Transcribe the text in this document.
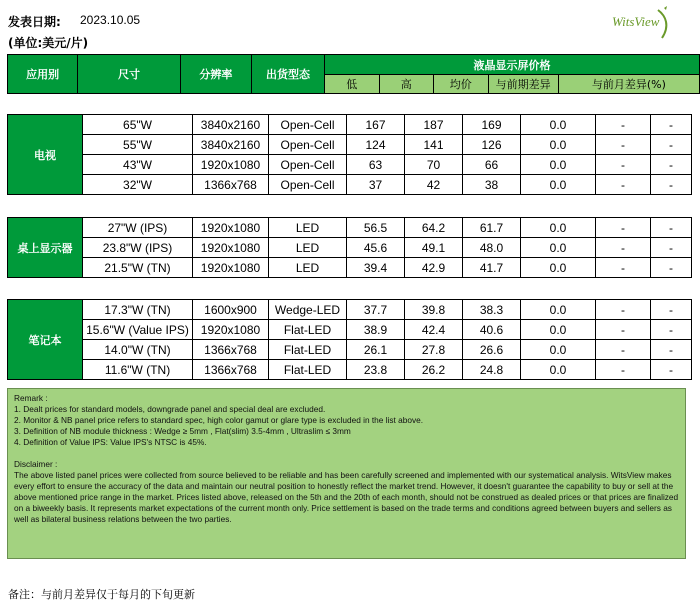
发表日期: 2023.10.05
(单位:美元/片)
WitsView
应用别	尺寸	分辨率	出货型态	液晶显示屏价格				
				低	高	均价	与前期差异	与前月差异(%)
电视	65"W	3840x2160	Open-Cell	167	187	169	0.0	-	-
	55"W	3840x2160	Open-Cell	124	141	126	0.0	-	-
	43"W	1920x1080	Open-Cell	63	70	66	0.0	-	-
	32"W	1366x768	Open-Cell	37	42	38	0.0	-	-
桌上显示器	27"W (IPS)	1920x1080	LED	56.5	64.2	61.7	0.0	-	-
	23.8"W (IPS)	1920x1080	LED	45.6	49.1	48.0	0.0	-	-
	21.5"W (TN)	1920x1080	LED	39.4	42.9	41.7	0.0	-	-
笔记本	17.3"W (TN)	1600x900	Wedge-LED	37.7	39.8	38.3	0.0	-	-
	15.6"W (Value IPS)	1920x1080	Flat-LED	38.9	42.4	40.6	0.0	-	-
	14.0"W (TN)	1366x768	Flat-LED	26.1	27.8	26.6	0.0	-	-
	11.6"W (TN)	1366x768	Flat-LED	23.8	26.2	24.8	0.0	-	-
Remark :
1. Dealt prices for standard models, downgrade panel and special deal are excluded.
2. Monitor & NB panel price refers to standard spec, high color gamut or glare type is excluded in the list above.
3. Definition of NB module thickness : Wedge ≥ 5mm , Flat(slim) 3.5-4mm , Ultraslim ≤ 3mm
4. Definition of Value IPS: Value IPS's NTSC is 45%.
Disclaimer :
The above listed panel prices were collected from source believed to be reliable and has been carefully screened and implemented with our systematical analysis. WitsView makes every effort to ensure the accuracy of the data and maintain our neutral position to honestly reflect the market trend. However, it doesn't guarantee the capability to buy or sell at the above mentioned price range in the market. Prices listed above, released on the 5th and the 20th of each month, should not be construed as dealed prices or that prices are finalized on a biweekly basis. It represents market expectations of the current month only. Price settlement is based on the trade terms and conditions agreed between buyers and sellers as well as bilateral business relations between the two parties.
备注：与前月差异仅于每月的下旬更新
